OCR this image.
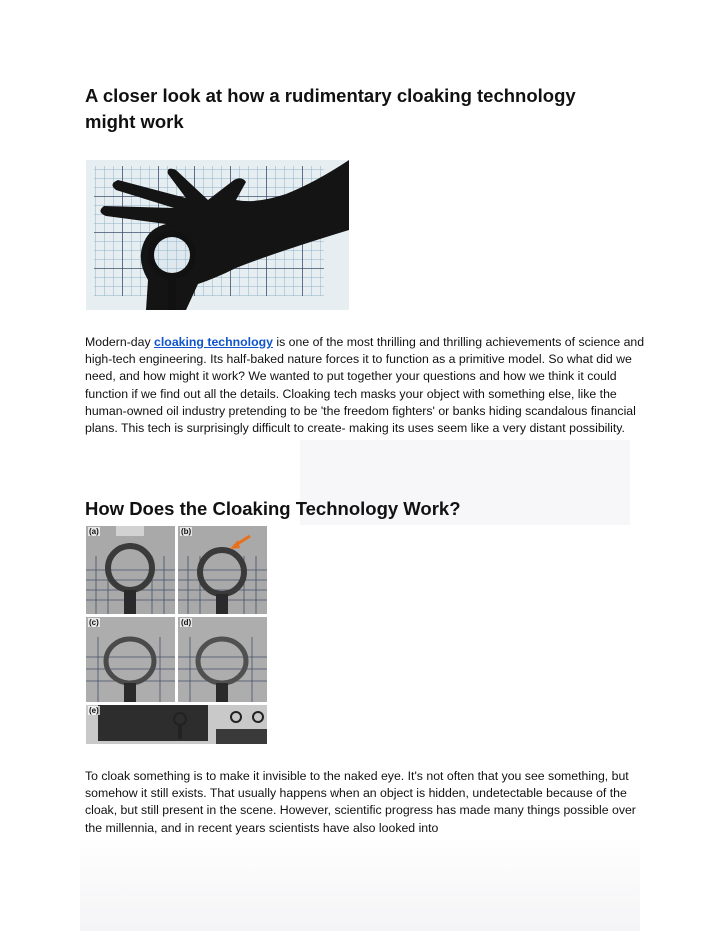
A closer look at how a rudimentary cloaking technology might work

Modern-day cloaking technology is one of the most thrilling and thrilling achievements of science and high-tech engineering. Its half-baked nature forces it to function as a primitive model. So what did we need, and how might it work? We wanted to put together your questions and how we think it could function if we find out all the details. Cloaking tech masks your object with something else, like the human-owned oil industry pretending to be 'the freedom fighters' or banks hiding scandalous financial plans. This tech is surprisingly difficult to create- making its uses seem like a very distant possibility.

How Does the Cloaking Technology Work?
(a)	(b)
(c)	(d)
(e)

To cloak something is to make it invisible to the naked eye. It's not often that you see something, but somehow it still exists. That usually happens when an object is hidden, undetectable because of the cloak, but still present in the scene. However, scientific progress has made many things possible over the millennia, and in recent years scientists have also looked into
